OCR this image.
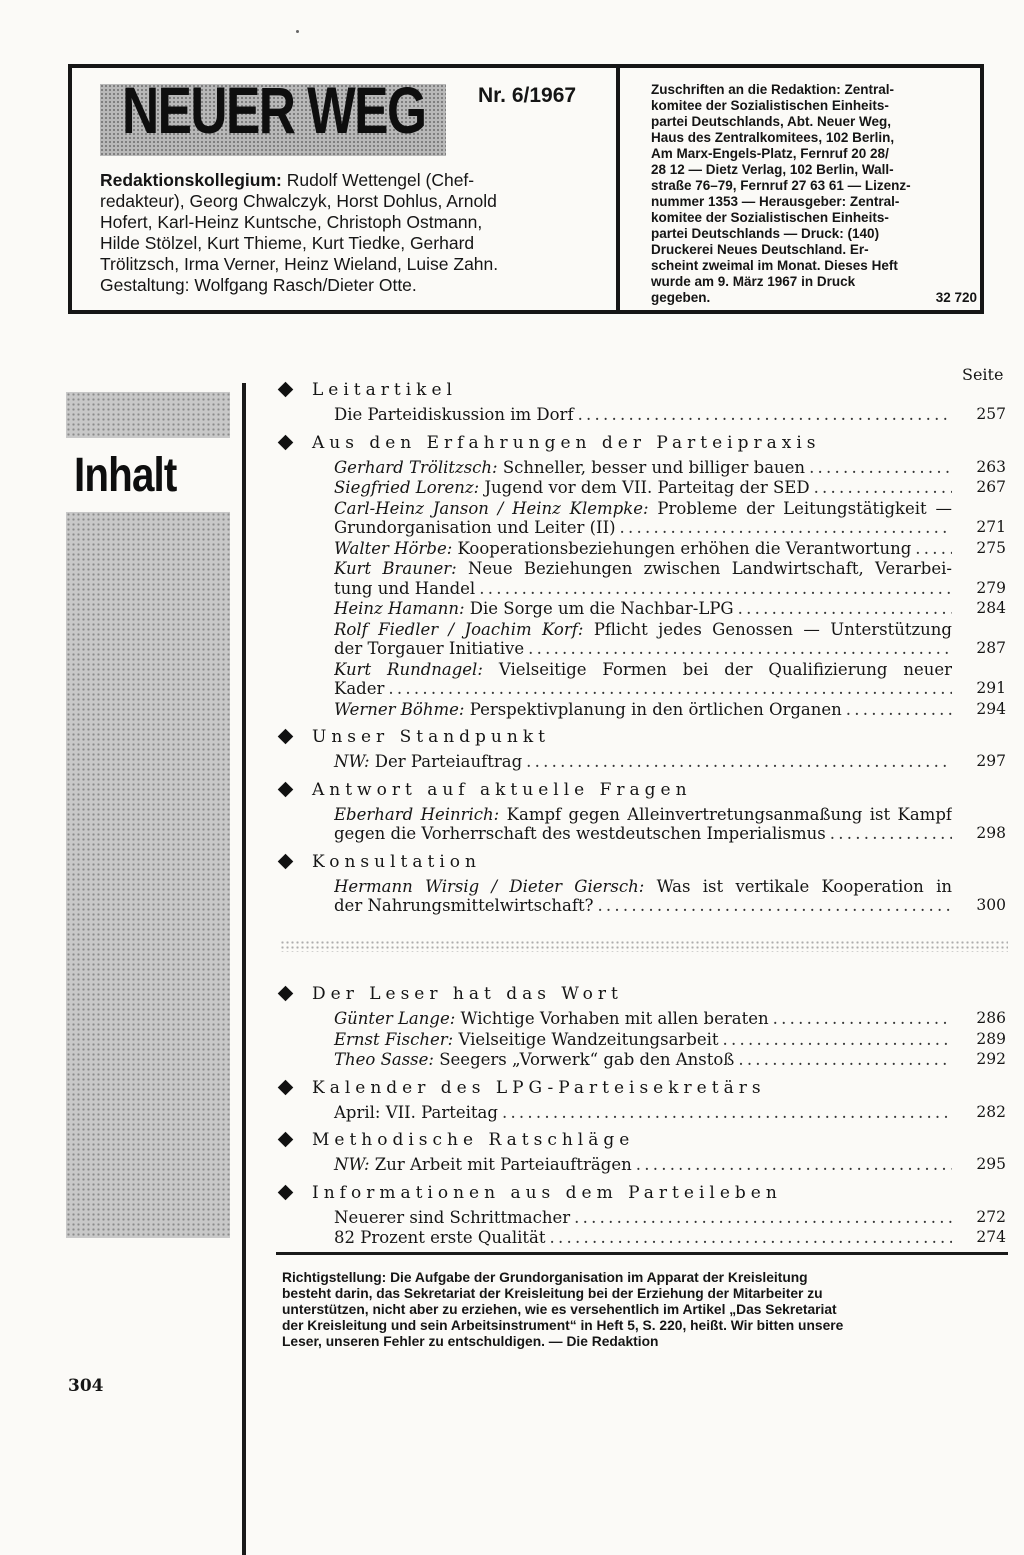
NEUER WEG	Nr. 6/1967
Redaktionskollegium: Rudolf Wettengel (Chef-
redakteur), Georg Chwalczyk, Horst Dohlus, Arnold
Hofert, Karl-Heinz Kuntsche, Christoph Ostmann,
Hilde Stölzel, Kurt Thieme, Kurt Tiedke, Gerhard
Trölitzsch, Irma Verner, Heinz Wieland, Luise Zahn.
Gestaltung: Wolfgang Rasch/Dieter Otte.
Zuschriften an die Redaktion: Zentral-
komitee der Sozialistischen Einheits-
partei Deutschlands, Abt. Neuer Weg,
Haus des Zentralkomitees, 102 Berlin,
Am Marx-Engels-Platz, Fernruf 20 28/
28 12 — Dietz Verlag, 102 Berlin, Wall-
straße 76–79, Fernruf 27 63 61 — Lizenz-
nummer 1353 — Herausgeber: Zentral-
komitee der Sozialistischen Einheits-
partei Deutschlands — Druck: (140)
Druckerei Neues Deutschland. Er-
scheint zweimal im Monat. Dieses Heft
wurde am 9. März 1967 in Druck
gegeben.	32 720
Inhalt
Seite
Leitartikel
Die Parteidiskussion im Dorf . . .	257
Aus den Erfahrungen der Parteipraxis
Gerhard Trölitzsch: Schneller, besser und billiger bauen . . .	263
Siegfried Lorenz: Jugend vor dem VII. Parteitag der SED . . .	267
Carl-Heinz Janson / Heinz Klempke: Probleme der Leitungstätigkeit —
Grundorganisation und Leiter (II) . . .	271
Walter Hörbe: Kooperationsbeziehungen erhöhen die Verantwortung . . .	275
Kurt Brauner: Neue Beziehungen zwischen Landwirtschaft, Verarbei-
tung und Handel . . .	279
Heinz Hamann: Die Sorge um die Nachbar-LPG . . .	284
Rolf Fiedler / Joachim Korf: Pflicht jedes Genossen — Unterstützung
der Torgauer Initiative . . .	287
Kurt Rundnagel: Vielseitige Formen bei der Qualifizierung neuer
Kader . . .	291
Werner Böhme: Perspektivplanung in den örtlichen Organen . . .	294
Unser Standpunkt
NW: Der Parteiauftrag . . .	297
Antwort auf aktuelle Fragen
Eberhard Heinrich: Kampf gegen Alleinvertretungsanmaßung ist Kampf
gegen die Vorherrschaft des westdeutschen Imperialismus . . .	298
Konsultation
Hermann Wirsig / Dieter Giersch: Was ist vertikale Kooperation in
der Nahrungsmittelwirtschaft? . . .	300
Der Leser hat das Wort
Günter Lange: Wichtige Vorhaben mit allen beraten . . .	286
Ernst Fischer: Vielseitige Wandzeitungsarbeit . . .	289
Theo Sasse: Seegers „Vorwerk“ gab den Anstoß . . .	292
Kalender des LPG-Parteisekretärs
April: VII. Parteitag . . .	282
Methodische Ratschläge
NW: Zur Arbeit mit Parteiaufträgen . . .	295
Informationen aus dem Parteileben
Neuerer sind Schrittmacher . . .	272
82 Prozent erste Qualität . . .	274
Richtigstellung: Die Aufgabe der Grundorganisation im Apparat der Kreisleitung
besteht darin, das Sekretariat der Kreisleitung bei der Erziehung der Mitarbeiter zu
unterstützen, nicht aber zu erziehen, wie es versehentlich im Artikel „Das Sekretariat
der Kreisleitung und sein Arbeitsinstrument“ in Heft 5, S. 220, heißt. Wir bitten unsere
Leser, unseren Fehler zu entschuldigen. — Die Redaktion
304
